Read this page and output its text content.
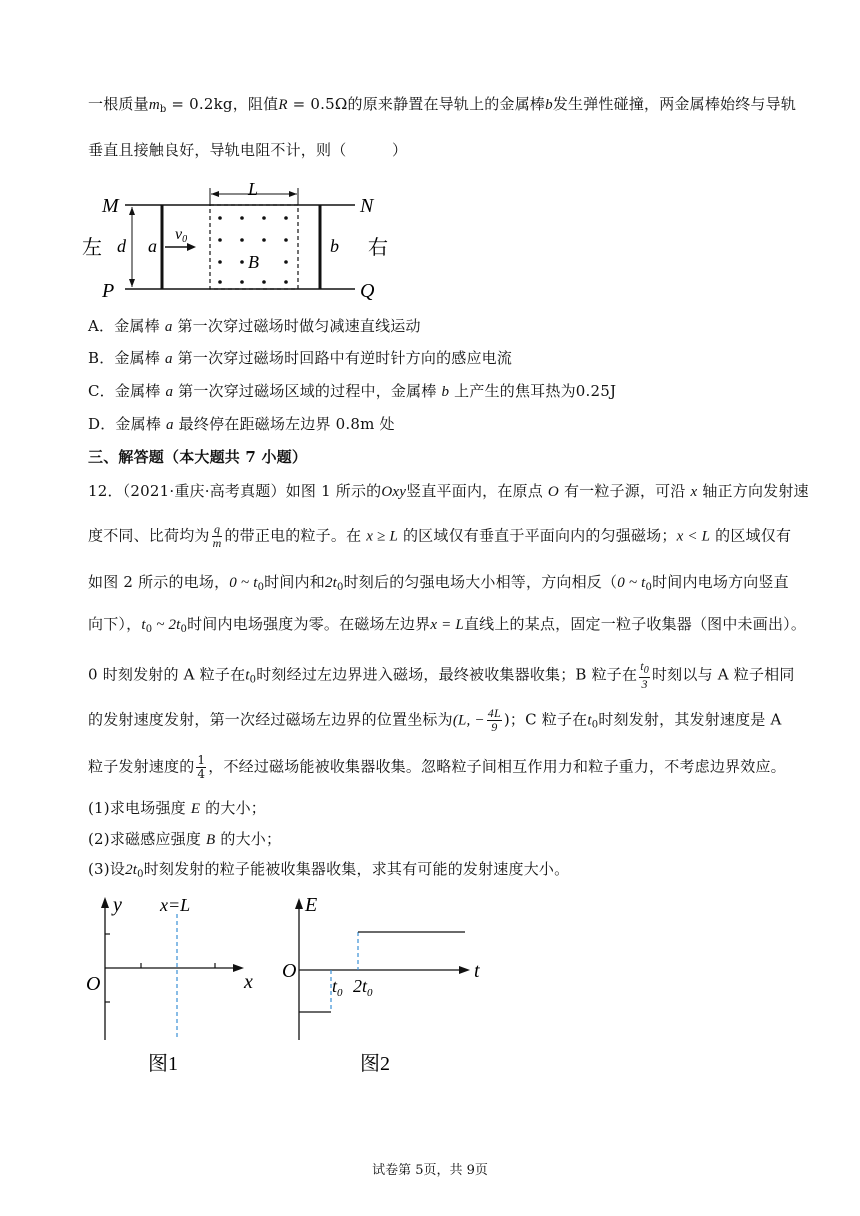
一根质量$m_b = 0.2kg$，阻值R = 0.5Ω的原来静置在导轨上的金属棒b发生弹性碰撞，两金属棒始终与导轨
垂直且接触良好，导轨电阻不计，则（　　　）
M	N
P	Q
左	右
d a
v0
L
B
b
A．金属棒 a 第一次穿过磁场时做匀减速直线运动
B．金属棒 a 第一次穿过磁场时回路中有逆时针方向的感应电流
C．金属棒 a 第一次穿过磁场区域的过程中，金属棒 b 上产生的焦耳热为0.25J
D．金属棒 a 最终停在距磁场左边界 0.8m 处
三、解答题（本大题共 7 小题）
12．（2021·重庆·高考真题）如图 1 所示的Oxy竖直平面内，在原点 O 有一粒子源，可沿 x 轴正方向发射速
度不同、比荷均为 $\frac{q}{m}$ 的带正电的粒子。在 x ≥ L 的区域仅有垂直于平面向内的匀强磁场；x < L 的区域仅有
如图 2 所示的电场，0 ~ $t_0$时间内和$2t_0$时刻后的匀强电场大小相等，方向相反（0 ~ $t_0$时间内电场方向竖直
向下），$t_0$ ~ $2t_0$时间内电场强度为零。在磁场左边界x = L直线上的某点，固定一粒子收集器（图中未画出）。
0 时刻发射的 A 粒子在$t_0$时刻经过左边界进入磁场，最终被收集器收集；B 粒子在 $\frac{t_0}{3}$ 时刻以与 A 粒子相同
的发射速度发射，第一次经过磁场左边界的位置坐标为(L, − $\frac{4L}{9}$ )；C 粒子在$t_0$时刻发射，其发射速度是 A
粒子发射速度的 $\frac{1}{4}$ ，不经过磁场能被收集器收集。忽略粒子间相互作用力和粒子重力，不考虑边界效应。
(1)求电场强度 E 的大小；
(2)求磁感应强度 B 的大小；
(3)设$2t_0$时刻发射的粒子能被收集器收集，求其有可能的发射速度大小。
y
x
O
x=L
图1
E
t
O
$t_0$ $2t_0$
图2
试卷第 5页，共 9页
